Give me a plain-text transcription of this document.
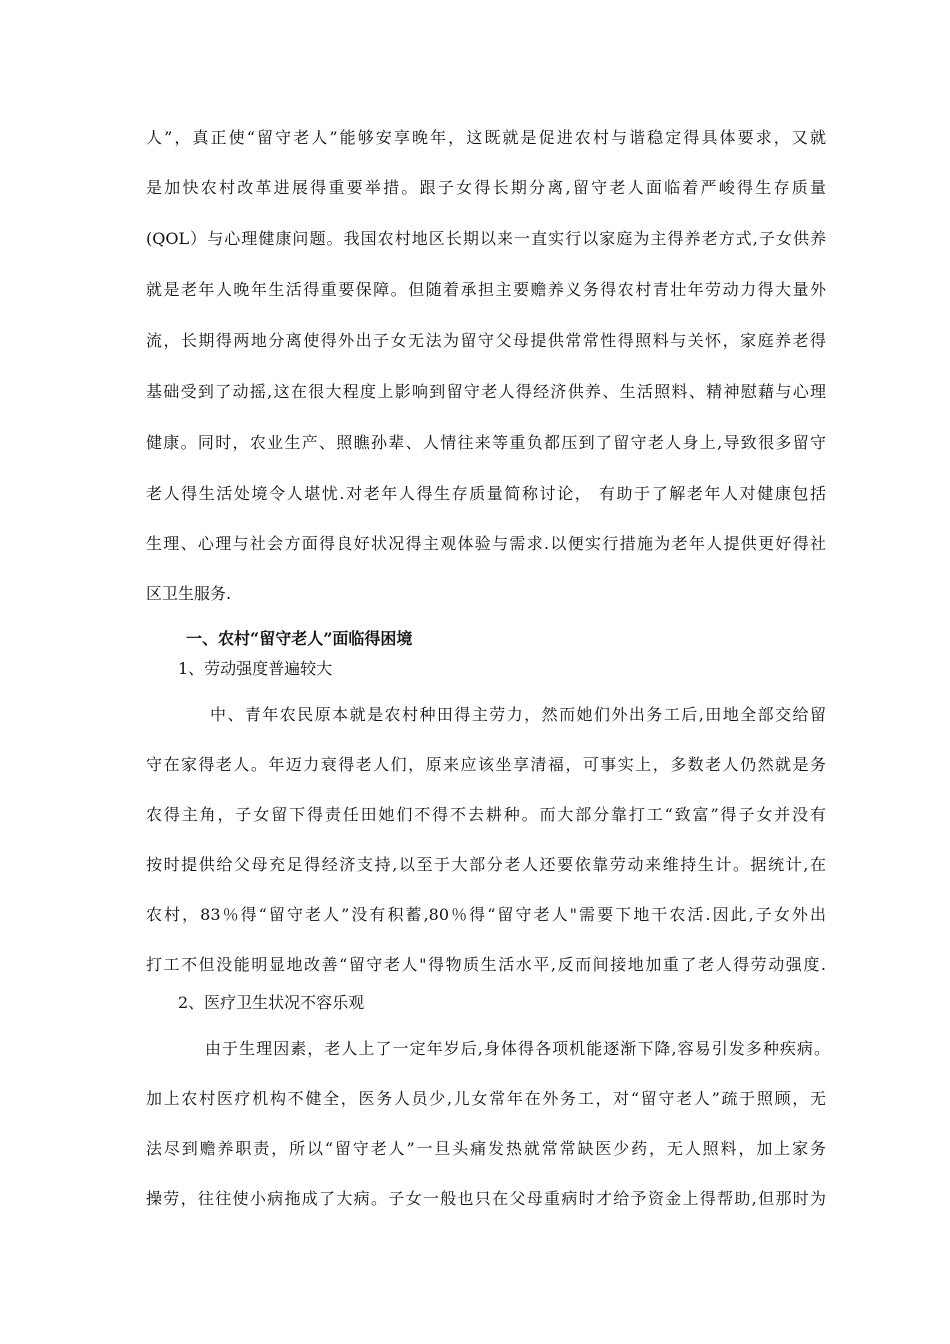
人”，真正使“留守老人”能够安享晚年，这既就是促进农村与谐稳定得具体要求，又就
是加快农村改革进展得重要举措。跟子女得长期分离,留守老人面临着严峻得生存质量
(QOL）与心理健康问题。我国农村地区长期以来一直实行以家庭为主得养老方式,子女供养
就是老年人晚年生活得重要保障。但随着承担主要赡养义务得农村青壮年劳动力得大量外
流，长期得两地分离使得外出子女无法为留守父母提供常常性得照料与关怀，家庭养老得
基础受到了动摇,这在很大程度上影响到留守老人得经济供养、生活照料、精神慰藉与心理
健康。同时，农业生产、照瞧孙辈、人情往来等重负都压到了留守老人身上,导致很多留守
老人得生活处境令人堪忧.对老年人得生存质量简称讨论， 有助于了解老年人对健康包括
生理、心理与社会方面得良好状况得主观体验与需求.以便实行措施为老年人提供更好得社
区卫生服务.
一、农村“留守老人”面临得困境
1、劳动强度普遍较大
中、青年农民原本就是农村种田得主劳力，然而她们外出务工后,田地全部交给留
守在家得老人。年迈力衰得老人们，原来应该坐享清福，可事实上，多数老人仍然就是务
农得主角，子女留下得责任田她们不得不去耕种。而大部分靠打工“致富”得子女并没有
按时提供给父母充足得经济支持,以至于大部分老人还要依靠劳动来维持生计。据统计,在
农村，83％得“留守老人”没有积蓄,80％得“留守老人"需要下地干农活.因此,子女外出
打工不但没能明显地改善“留守老人"得物质生活水平,反而间接地加重了老人得劳动强度.
2、医疗卫生状况不容乐观
由于生理因素，老人上了一定年岁后,身体得各项机能逐渐下降,容易引发多种疾病。
加上农村医疗机构不健全，医务人员少,儿女常年在外务工，对“留守老人”疏于照顾，无
法尽到赡养职责，所以“留守老人”一旦头痛发热就常常缺医少药，无人照料，加上家务
操劳，往往使小病拖成了大病。子女一般也只在父母重病时才给予资金上得帮助,但那时为
